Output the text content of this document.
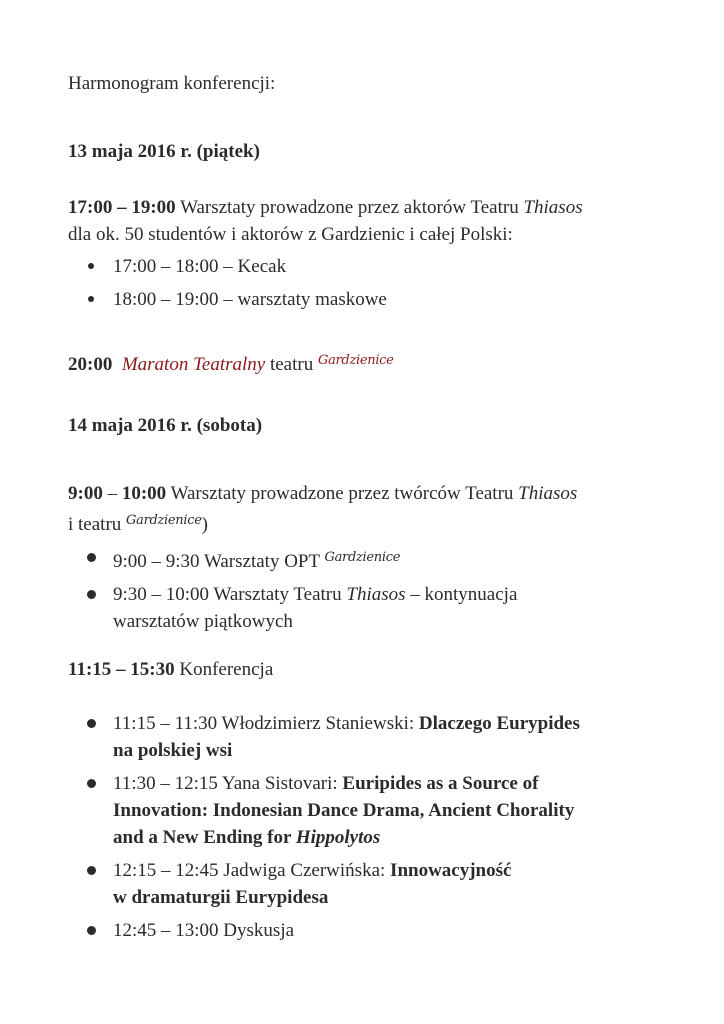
Harmonogram konferencji:
13 maja 2016 r. (piątek)
17:00 – 19:00 Warsztaty prowadzone przez aktorów Teatru Thiasos
dla ok. 50 studentów i aktorów z Gardzienic i całej Polski:
17:00 – 18:00 – Kecak
18:00 – 19:00 – warsztaty maskowe
20:00 Maraton Teatralny teatru Gardzienice
14 maja 2016 r. (sobota)
9:00 – 10:00 Warsztaty prowadzone przez twórców Teatru Thiasos
i teatru Gardzienice)
9:00 – 9:30 Warsztaty OPT Gardzienice
9:30 – 10:00 Warsztaty Teatru Thiasos – kontynuacja
warsztatów piątkowych
11:15 – 15:30 Konferencja
11:15 – 11:30 Włodzimierz Staniewski: Dlaczego Eurypides
na polskiej wsi
11:30 – 12:15 Yana Sistovari: Euripides as a Source of
Innovation: Indonesian Dance Drama, Ancient Chorality
and a New Ending for Hippolytos
12:15 – 12:45 Jadwiga Czerwińska: Innowacyjność
w dramaturgii Eurypidesa
12:45 – 13:00 Dyskusja
